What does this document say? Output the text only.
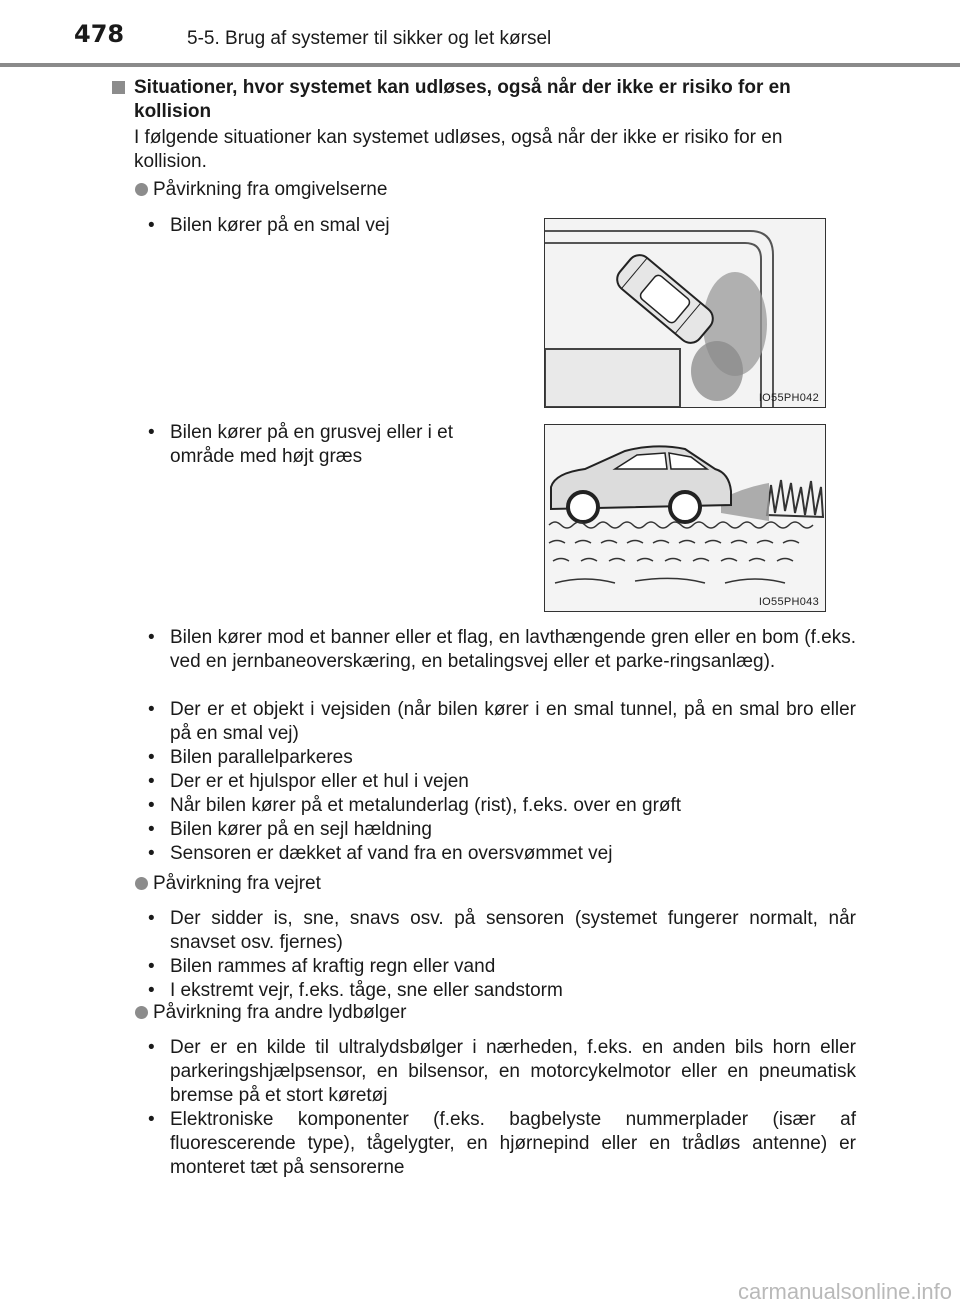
478	5-5. Brug af systemer til sikker og let kørsel
Situationer, hvor systemet kan udløses, også når der ikke er risiko for en kollision
I følgende situationer kan systemet udløses, også når der ikke er risiko for en kollision.
Påvirkning fra omgivelserne
• Bilen kører på en smal vej
IO55PH042
• Bilen kører på en grusvej eller i et område med højt græs
IO55PH043
• Bilen kører mod et banner eller et flag, en lavthængende gren eller en bom (f.eks. ved en jernbaneoverskæring, en betalingsvej eller et parke-ringsanlæg).
• Der er et objekt i vejsiden (når bilen kører i en smal tunnel, på en smal bro eller på en smal vej)
• Bilen parallelparkeres
• Der er et hjulspor eller et hul i vejen
• Når bilen kører på et metalunderlag (rist), f.eks. over en grøft
• Bilen kører på en sejl hældning
• Sensoren er dækket af vand fra en oversvømmet vej
Påvirkning fra vejret
• Der sidder is, sne, snavs osv. på sensoren (systemet fungerer normalt, når snavset osv. fjernes)
• Bilen rammes af kraftig regn eller vand
• I ekstremt vejr, f.eks. tåge, sne eller sandstorm
Påvirkning fra andre lydbølger
• Der er en kilde til ultralydsbølger i nærheden, f.eks. en anden bils horn eller parkeringshjælpsensor, en bilsensor, en motorcykelmotor eller en pneumatisk bremse på et stort køretøj
• Elektroniske komponenter (f.eks. bagbelyste nummerplader (især af fluorescerende type), tågelygter, en hjørnepind eller en trådløs antenne) er monteret tæt på sensorerne
carmanualsonline.info
